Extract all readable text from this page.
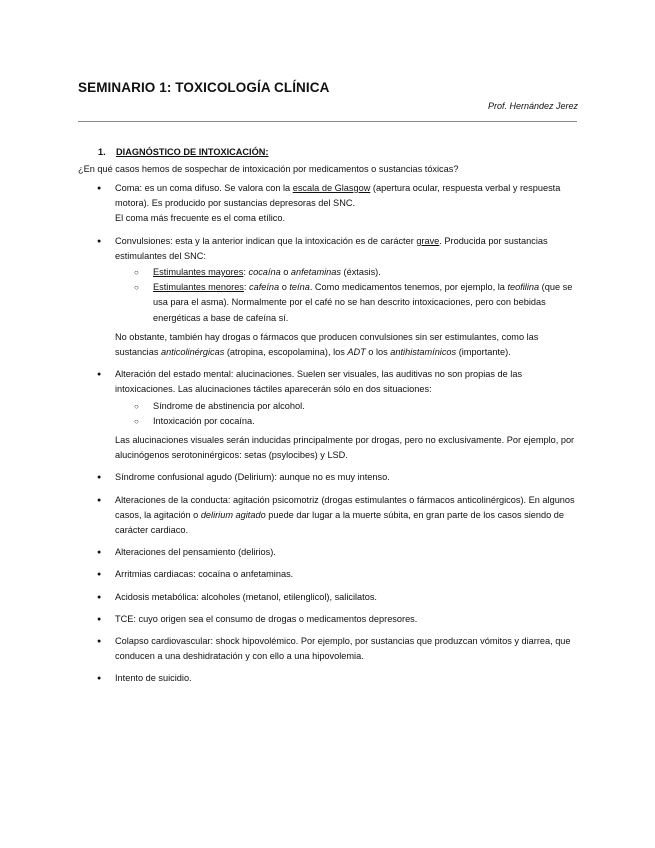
SEMINARIO 1: TOXICOLOGÍA CLÍNICA
Prof. Hernández Jerez
1. DIAGNÓSTICO DE INTOXICACIÓN:
¿En qué casos hemos de sospechar de intoxicación por medicamentos o sustancias tóxicas?
● Coma: es un coma difuso. Se valora con la escala de Glasgow (apertura ocular, respuesta verbal y respuesta motora). Es producido por sustancias depresoras del SNC.
El coma más frecuente es el coma etílico.
● Convulsiones: esta y la anterior indican que la intoxicación es de carácter grave. Producida por sustancias estimulantes del SNC:
○ Estimulantes mayores: cocaína o anfetaminas (éxtasis).
○ Estimulantes menores: cafeína o teína. Como medicamentos tenemos, por ejemplo, la teofilina (que se usa para el asma). Normalmente por el café no se han descrito intoxicaciones, pero con bebidas energéticas a base de cafeína sí.
No obstante, también hay drogas o fármacos que producen convulsiones sin ser estimulantes, como las sustancias anticolinérgicas (atropina, escopolamina), los ADT o los antihistamínicos (importante).
● Alteración del estado mental: alucinaciones. Suelen ser visuales, las auditivas no son propias de las intoxicaciones. Las alucinaciones táctiles aparecerán sólo en dos situaciones:
○ Síndrome de abstinencia por alcohol.
○ Intoxicación por cocaína.
Las alucinaciones visuales serán inducidas principalmente por drogas, pero no exclusivamente. Por ejemplo, por alucinógenos serotoninérgicos: setas (psylocibes) y LSD.
● Síndrome confusional agudo (Delirium): aunque no es muy intenso.
● Alteraciones de la conducta: agitación psicomotriz (drogas estimulantes o fármacos anticolinérgicos). En algunos casos, la agitación o delirium agitado puede dar lugar a la muerte súbita, en gran parte de los casos siendo de carácter cardiaco.
● Alteraciones del pensamiento (delirios).
● Arritmias cardiacas: cocaína o anfetaminas.
● Acidosis metabólica: alcoholes (metanol, etilenglicol), salicilatos.
● TCE: cuyo origen sea el consumo de drogas o medicamentos depresores.
● Colapso cardiovascular: shock hipovolémico. Por ejemplo, por sustancias que produzcan vómitos y diarrea, que conducen a una deshidratación y con ello a una hipovolemia.
● Intento de suicidio.
